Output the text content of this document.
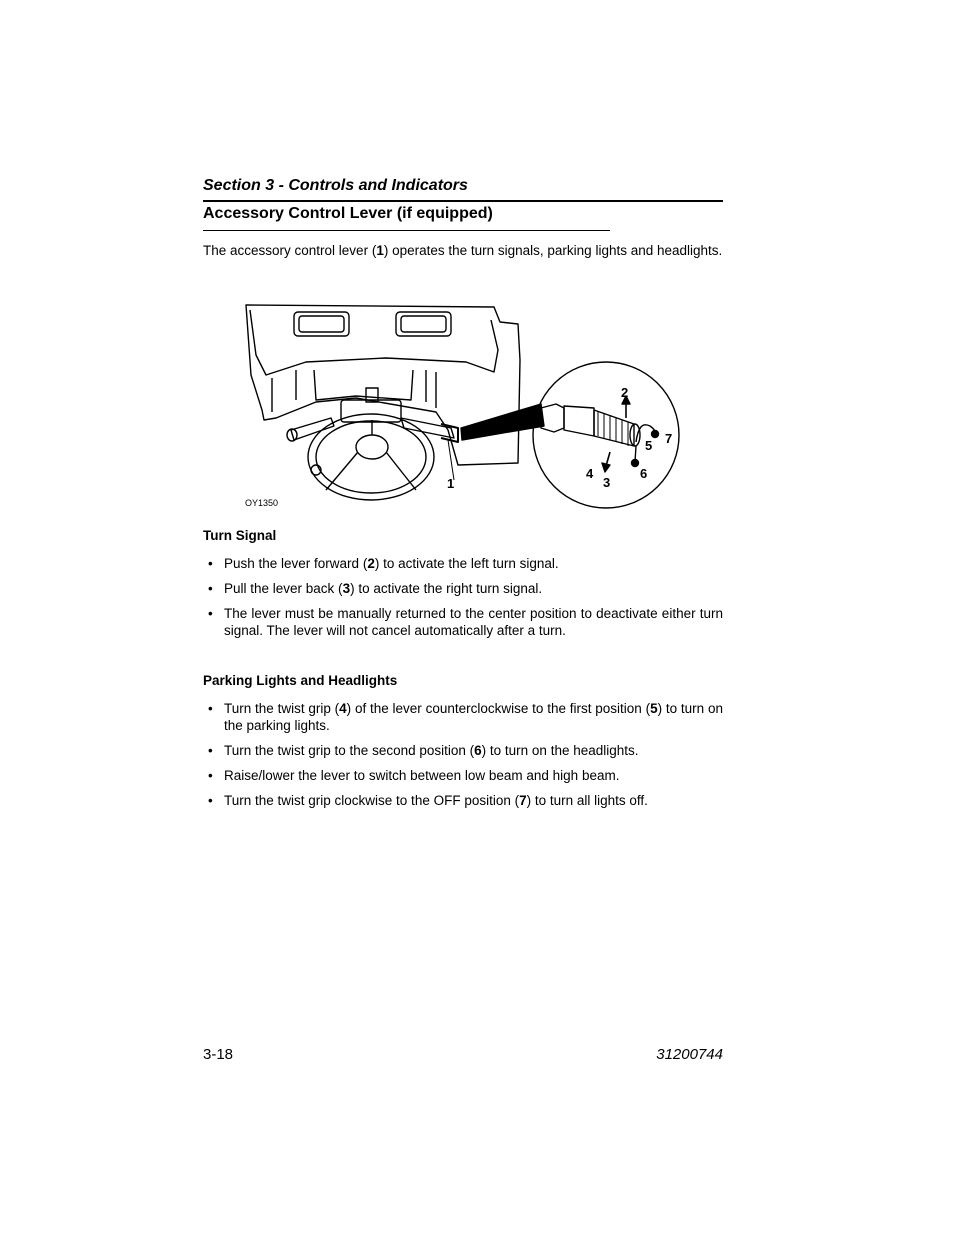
Section 3 - Controls and Indicators
Accessory Control Lever (if equipped)

The accessory control lever (1) operates the turn signals, parking lights and headlights.

1
2
3
4
5
6
7
OY1350
Turn Signal
• Push the lever forward (2) to activate the left turn signal.
• Pull the lever back (3) to activate the right turn signal.
• The lever must be manually returned to the center position to deactivate either turn signal. The lever will not cancel automatically after a turn.
Parking Lights and Headlights
• Turn the twist grip (4) of the lever counterclockwise to the first position (5) to turn on the parking lights.
• Turn the twist grip to the second position (6) to turn on the headlights.
• Raise/lower the lever to switch between low beam and high beam.
• Turn the twist grip clockwise to the OFF position (7) to turn all lights off.
3-18	31200744
